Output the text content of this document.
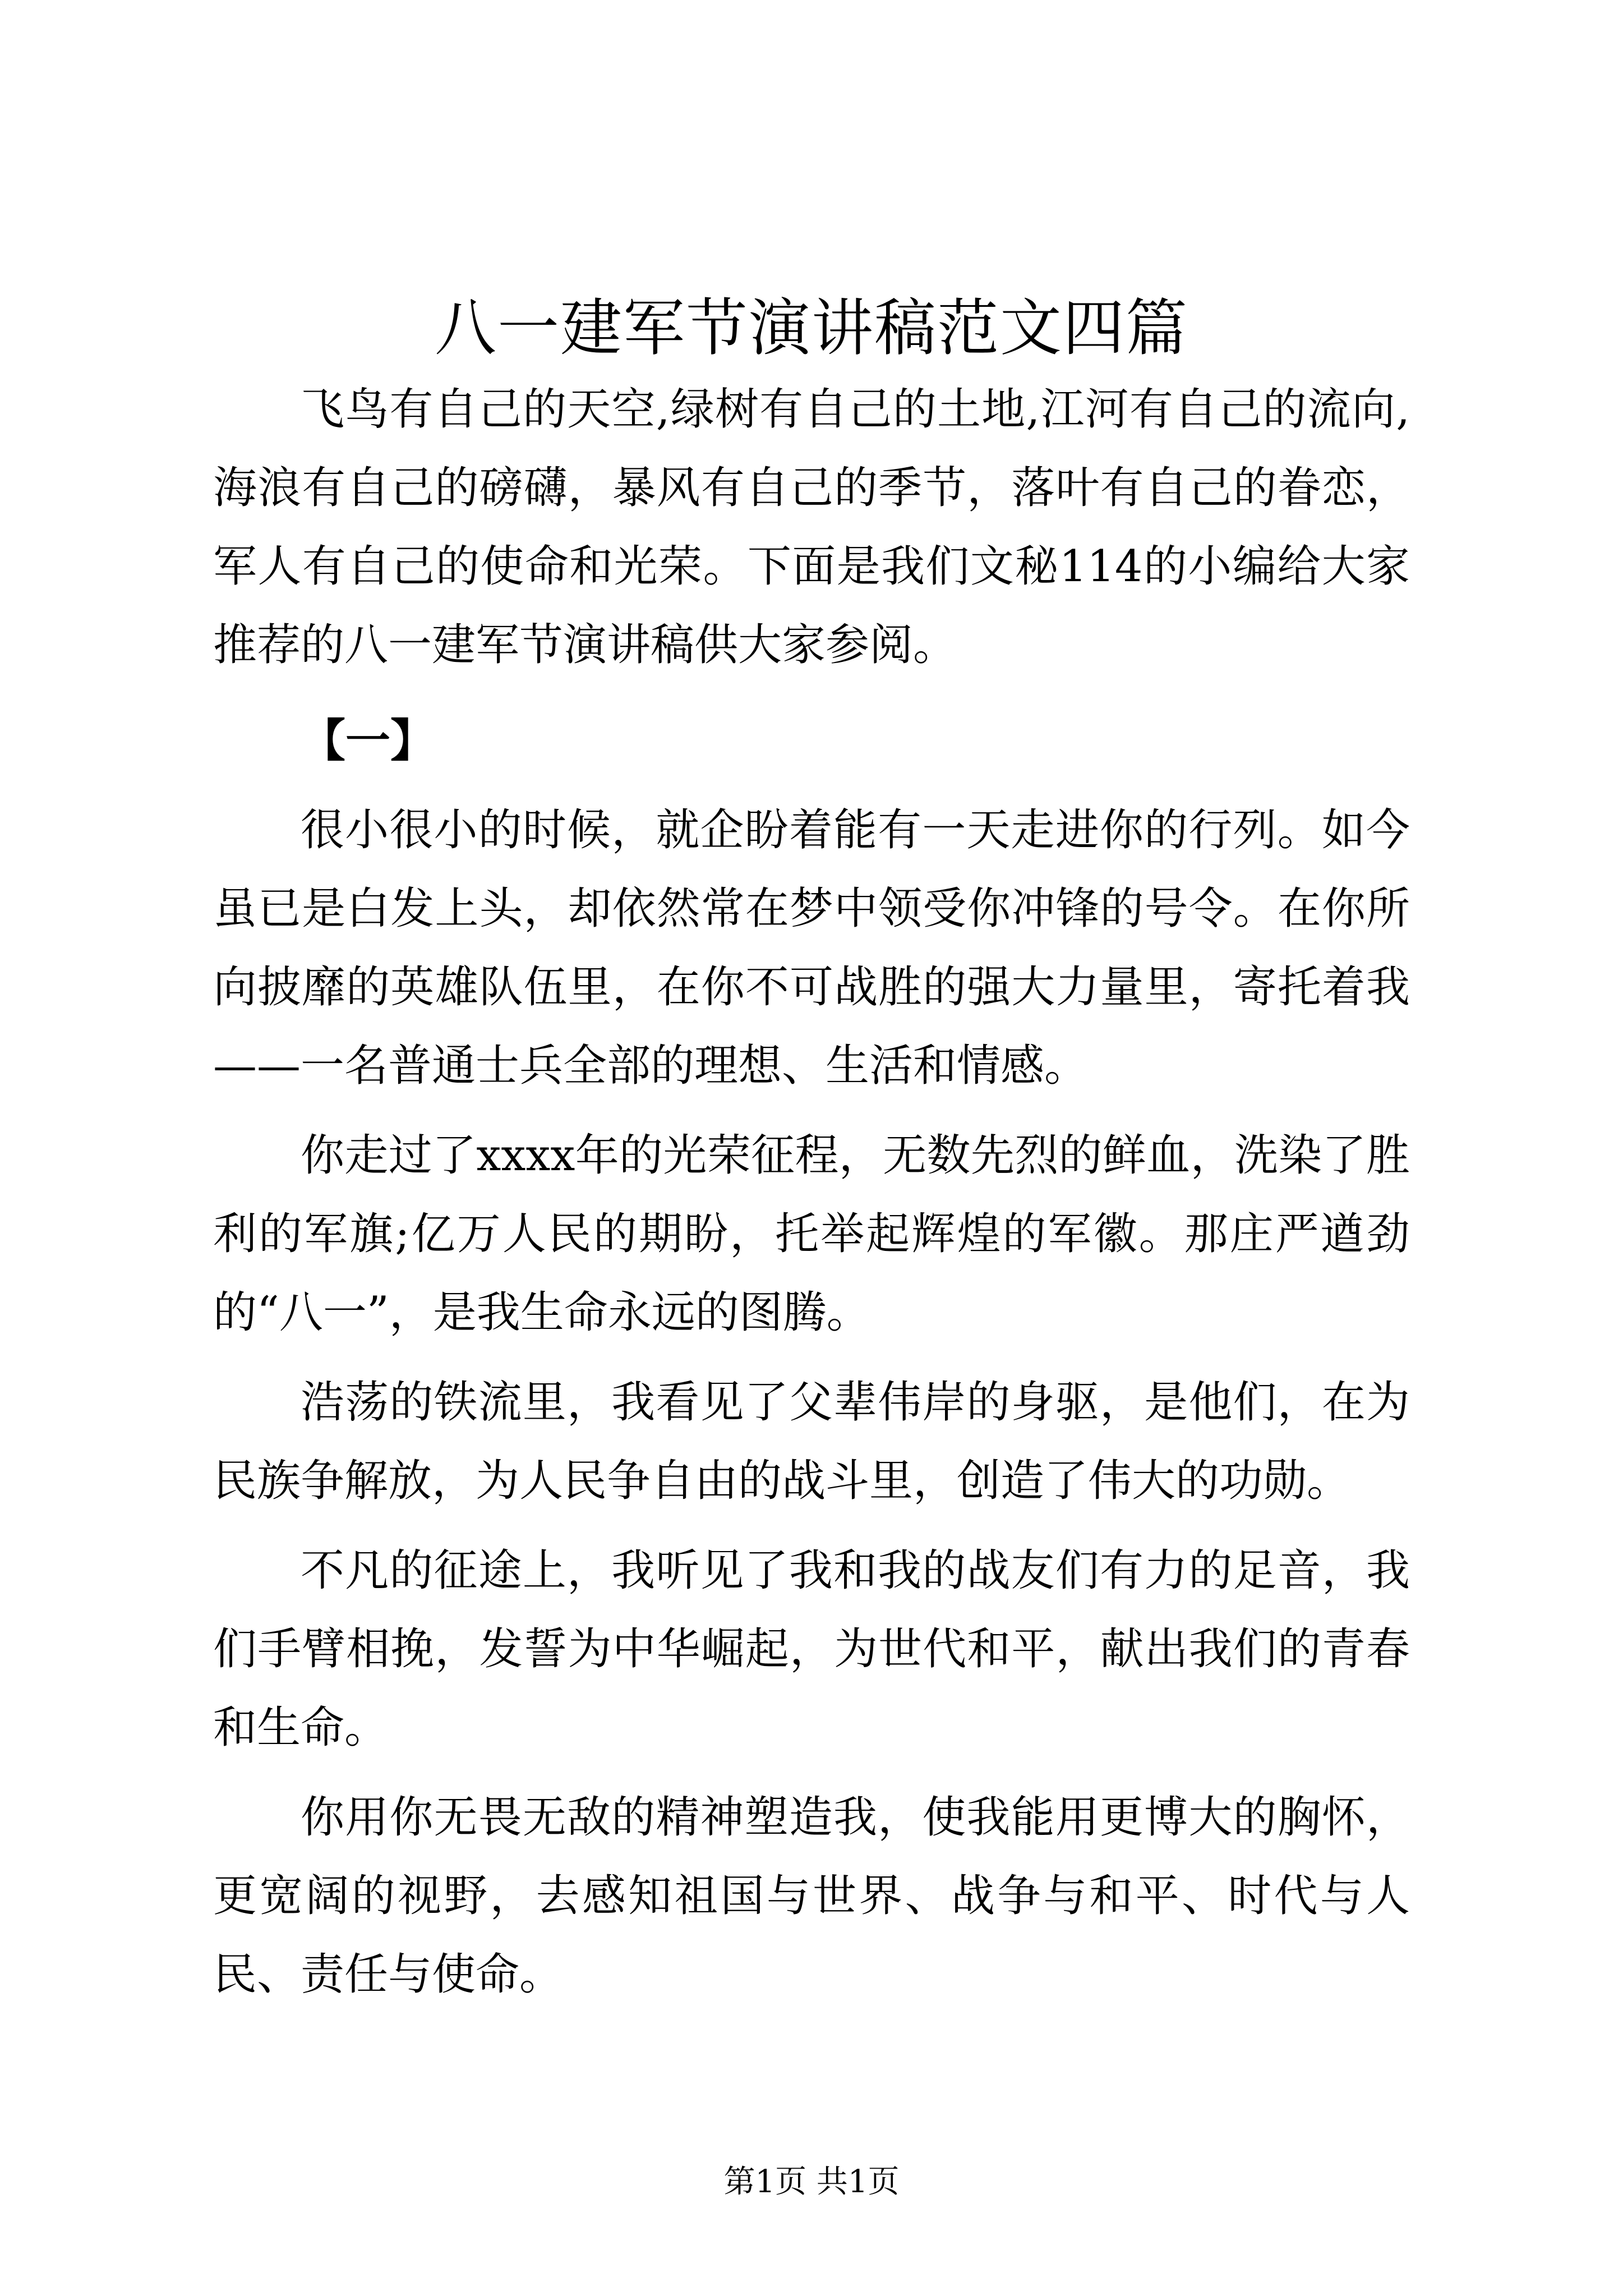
八一建军节演讲稿范文四篇

飞鸟有自己的天空,绿树有自己的土地,江河有自己的流向,海浪有自己的磅礴，暴风有自己的季节，落叶有自己的眷恋，军人有自己的使命和光荣。下面是我们文秘114的小编给大家推荐的八一建军节演讲稿供大家参阅。

【一】

很小很小的时候，就企盼着能有一天走进你的行列。如今虽已是白发上头，却依然常在梦中领受你冲锋的号令。在你所向披靡的英雄队伍里，在你不可战胜的强大力量里，寄托着我——一名普通士兵全部的理想、生活和情感。

你走过了xxxx年的光荣征程，无数先烈的鲜血，洗染了胜利的军旗;亿万人民的期盼，托举起辉煌的军徽。那庄严遒劲的“八一”，是我生命永远的图腾。

浩荡的铁流里，我看见了父辈伟岸的身驱，是他们，在为民族争解放，为人民争自由的战斗里，创造了伟大的功勋。

不凡的征途上，我听见了我和我的战友们有力的足音，我们手臂相挽，发誓为中华崛起，为世代和平，献出我们的青春和生命。

你用你无畏无敌的精神塑造我，使我能用更博大的胸怀，更宽阔的视野，去感知祖国与世界、战争与和平、时代与人民、责任与使命。

第1页 共1页
